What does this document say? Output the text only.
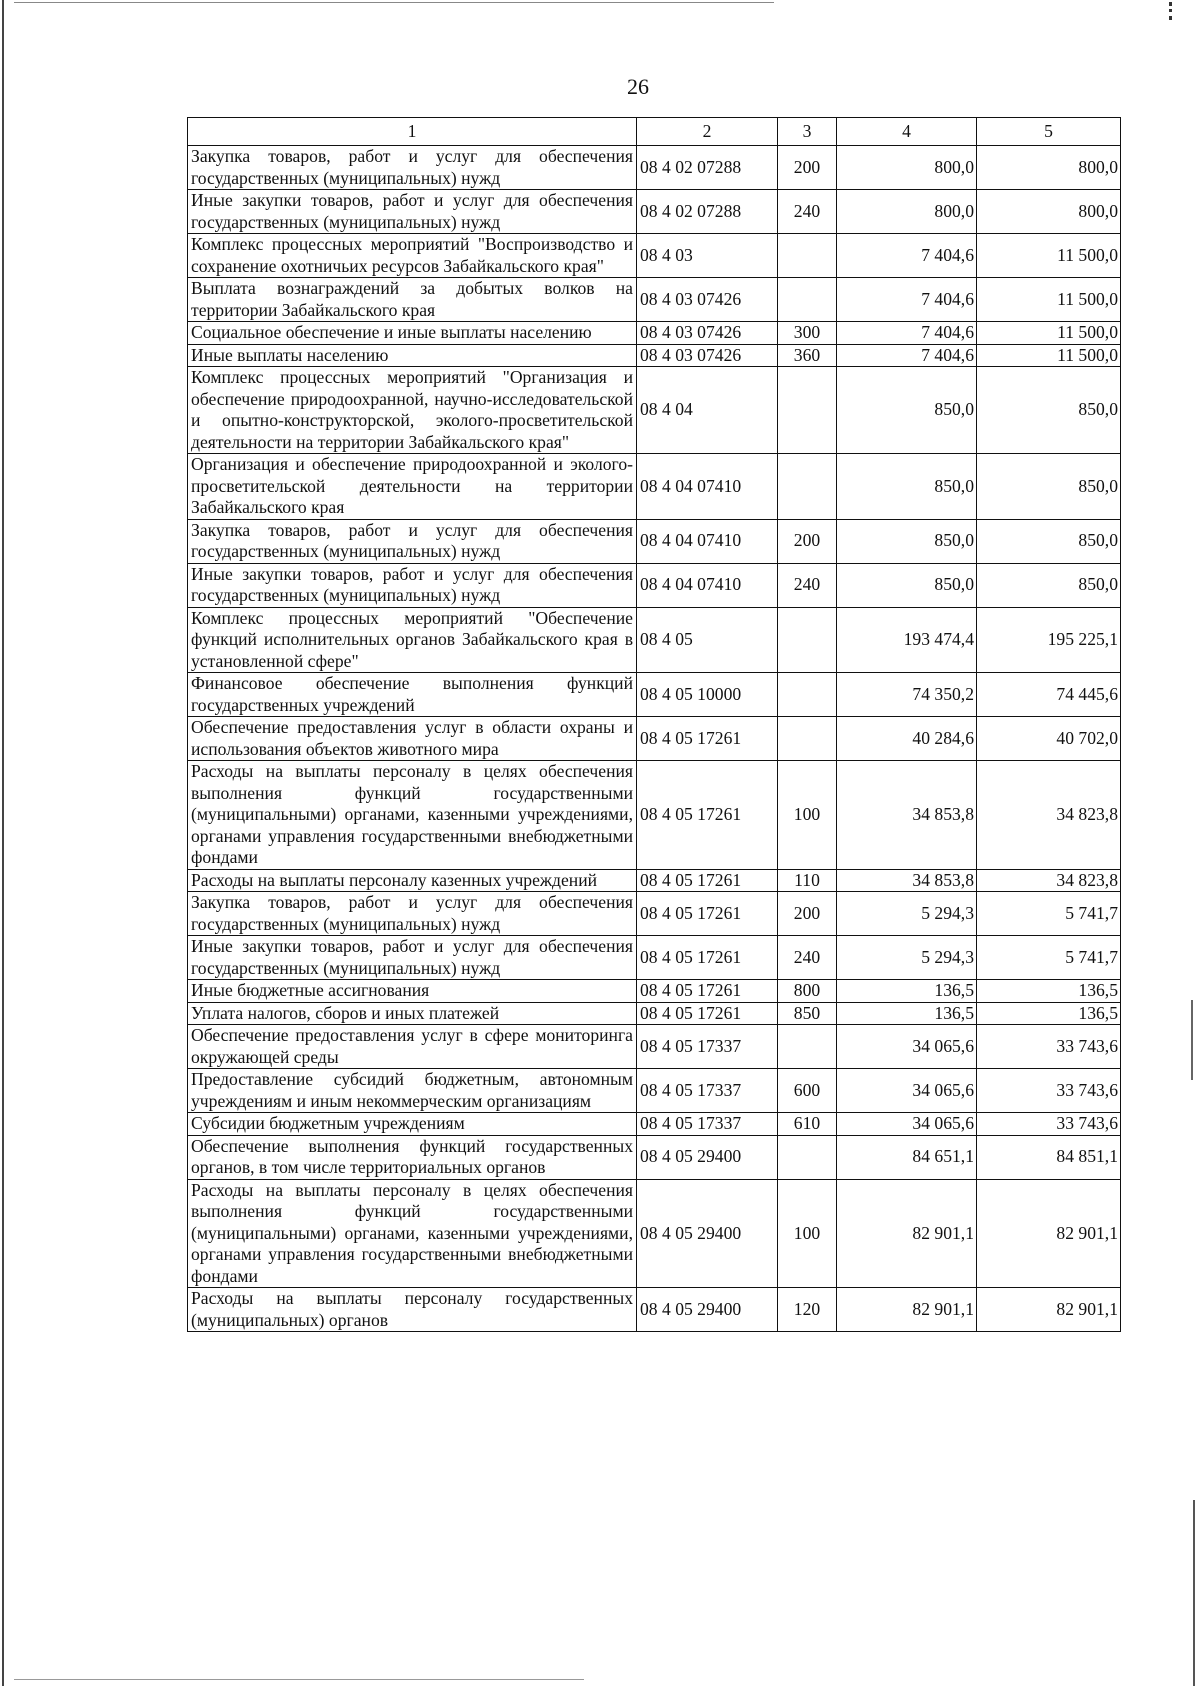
26
1	2	3	4	5
Закупка товаров, работ и услуг для обеспечения государственных (муниципальных) нужд	08 4 02 07288	200	800,0	800,0
Иные закупки товаров, работ и услуг для обеспечения государственных (муниципальных) нужд	08 4 02 07288	240	800,0	800,0
Комплекс процессных мероприятий "Воспроизводство и сохранение охотничьих ресурсов Забайкальского края"	08 4 03		7 404,6	11 500,0
Выплата вознаграждений за добытых волков на территории Забайкальского края	08 4 03 07426		7 404,6	11 500,0
Социальное обеспечение и иные выплаты населению	08 4 03 07426	300	7 404,6	11 500,0
Иные выплаты населению	08 4 03 07426	360	7 404,6	11 500,0
Комплекс процессных мероприятий "Организация и обеспечение природоохранной, научно-исследовательской и опытно-конструкторской, эколого-просветительской деятельности на территории Забайкальского края"	08 4 04		850,0	850,0
Организация и обеспечение природоохранной и эколого-просветительской деятельности на территории Забайкальского края	08 4 04 07410		850,0	850,0
Закупка товаров, работ и услуг для обеспечения государственных (муниципальных) нужд	08 4 04 07410	200	850,0	850,0
Иные закупки товаров, работ и услуг для обеспечения государственных (муниципальных) нужд	08 4 04 07410	240	850,0	850,0
Комплекс процессных мероприятий "Обеспечение функций исполнительных органов Забайкальского края в установленной сфере"	08 4 05		193 474,4	195 225,1
Финансовое обеспечение выполнения функций государственных учреждений	08 4 05 10000		74 350,2	74 445,6
Обеспечение предоставления услуг в области охраны и использования объектов животного мира	08 4 05 17261		40 284,6	40 702,0
Расходы на выплаты персоналу в целях обеспечения выполнения функций государственными (муниципальными) органами, казенными учреждениями, органами управления государственными внебюджетными фондами	08 4 05 17261	100	34 853,8	34 823,8
Расходы на выплаты персоналу казенных учреждений	08 4 05 17261	110	34 853,8	34 823,8
Закупка товаров, работ и услуг для обеспечения государственных (муниципальных) нужд	08 4 05 17261	200	5 294,3	5 741,7
Иные закупки товаров, работ и услуг для обеспечения государственных (муниципальных) нужд	08 4 05 17261	240	5 294,3	5 741,7
Иные бюджетные ассигнования	08 4 05 17261	800	136,5	136,5
Уплата налогов, сборов и иных платежей	08 4 05 17261	850	136,5	136,5
Обеспечение предоставления услуг в сфере мониторинга окружающей среды	08 4 05 17337		34 065,6	33 743,6
Предоставление субсидий бюджетным, автономным учреждениям и иным некоммерческим организациям	08 4 05 17337	600	34 065,6	33 743,6
Субсидии бюджетным учреждениям	08 4 05 17337	610	34 065,6	33 743,6
Обеспечение выполнения функций государственных органов, в том числе территориальных органов	08 4 05 29400		84 651,1	84 851,1
Расходы на выплаты персоналу в целях обеспечения выполнения функций государственными (муниципальными) органами, казенными учреждениями, органами управления государственными внебюджетными фондами	08 4 05 29400	100	82 901,1	82 901,1
Расходы на выплаты персоналу государственных (муниципальных) органов	08 4 05 29400	120	82 901,1	82 901,1
